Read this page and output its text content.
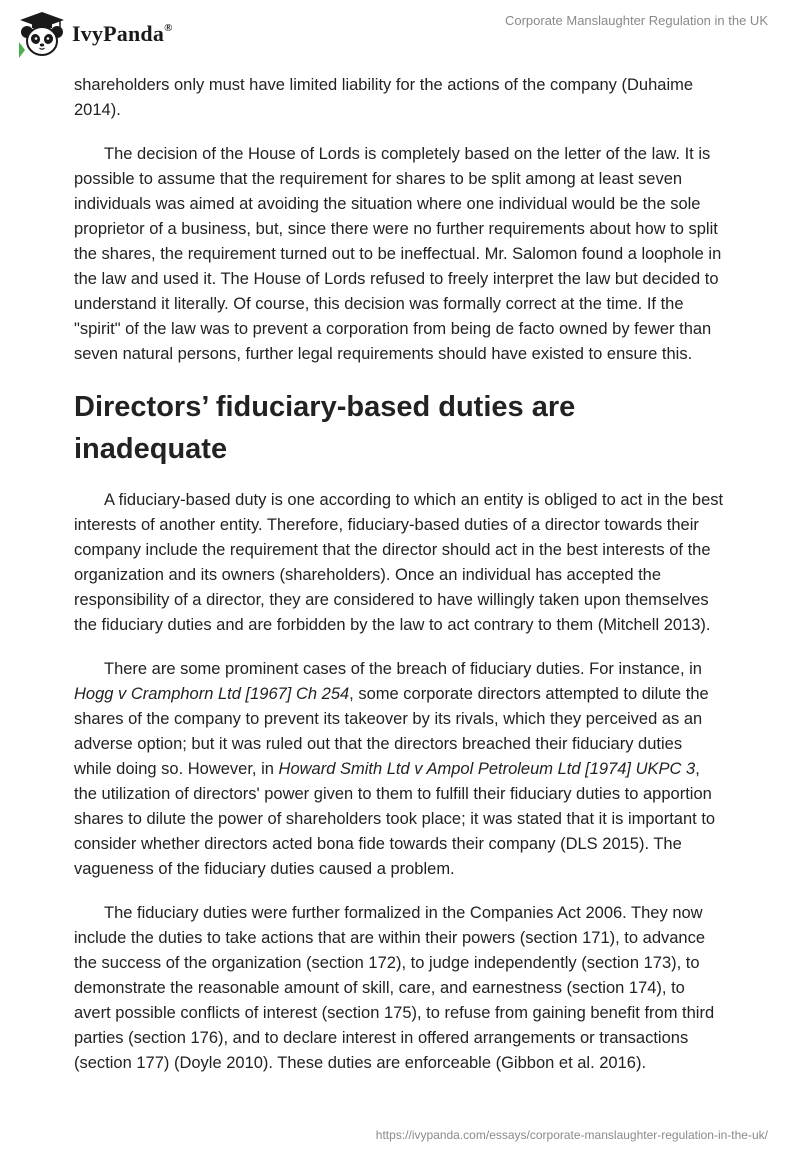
IvyPanda®	Corporate Manslaughter Regulation in the UK

shareholders only must have limited liability for the actions of the company (Duhaime 2014).

The decision of the House of Lords is completely based on the letter of the law. It is possible to assume that the requirement for shares to be split among at least seven individuals was aimed at avoiding the situation where one individual would be the sole proprietor of a business, but, since there were no further requirements about how to split the shares, the requirement turned out to be ineffectual. Mr. Salomon found a loophole in the law and used it. The House of Lords refused to freely interpret the law but decided to understand it literally. Of course, this decision was formally correct at the time. If the "spirit" of the law was to prevent a corporation from being de facto owned by fewer than seven natural persons, further legal requirements should have existed to ensure this.

Directors’ fiduciary-based duties are inadequate

A fiduciary-based duty is one according to which an entity is obliged to act in the best interests of another entity. Therefore, fiduciary-based duties of a director towards their company include the requirement that the director should act in the best interests of the organization and its owners (shareholders). Once an individual has accepted the responsibility of a director, they are considered to have willingly taken upon themselves the fiduciary duties and are forbidden by the law to act contrary to them (Mitchell 2013).

There are some prominent cases of the breach of fiduciary duties. For instance, in Hogg v Cramphorn Ltd [1967] Ch 254, some corporate directors attempted to dilute the shares of the company to prevent its takeover by its rivals, which they perceived as an adverse option; but it was ruled out that the directors breached their fiduciary duties while doing so. However, in Howard Smith Ltd v Ampol Petroleum Ltd [1974] UKPC 3, the utilization of directors' power given to them to fulfill their fiduciary duties to apportion shares to dilute the power of shareholders took place; it was stated that it is important to consider whether directors acted bona fide towards their company (DLS 2015). The vagueness of the fiduciary duties caused a problem.

The fiduciary duties were further formalized in the Companies Act 2006. They now include the duties to take actions that are within their powers (section 171), to advance the success of the organization (section 172), to judge independently (section 173), to demonstrate the reasonable amount of skill, care, and earnestness (section 174), to avert possible conflicts of interest (section 175), to refuse from gaining benefit from third parties (section 176), and to declare interest in offered arrangements or transactions (section 177) (Doyle 2010). These duties are enforceable (Gibbon et al. 2016).

https://ivypanda.com/essays/corporate-manslaughter-regulation-in-the-uk/
